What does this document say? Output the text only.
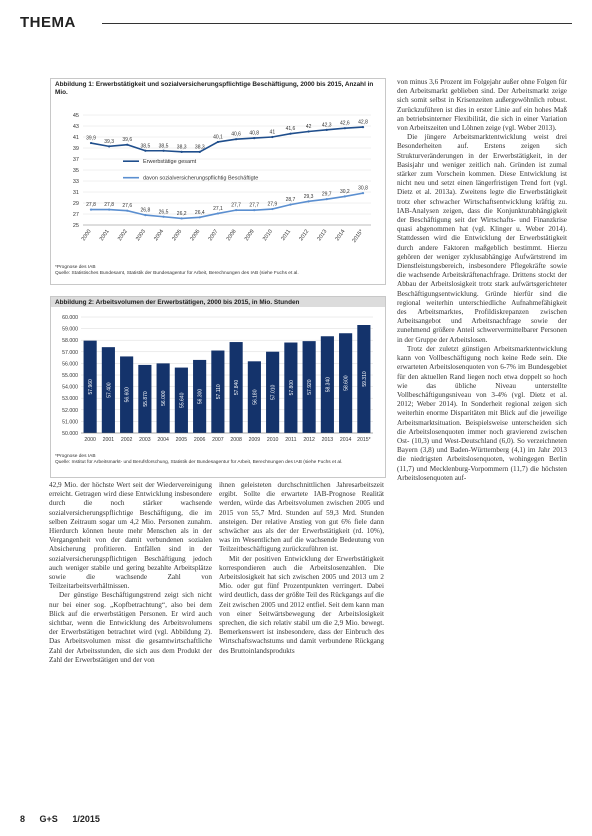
THEMA
Abbildung 1: Erwerbstätigkeit und sozialversicherungspflichtige Beschäftigung, 2000 bis 2015, Anzahl in Mio.
45
43
41
39
37
35
33
31
29
27
25
39,9
39,3 39,6
38,5 38,5 38,3 38,3
40,1 40,6 40,8 41
41,6 42 42,3 42,6 42,8
27,8 27,8 27,6
26,8 26,5 26,2 26,4
27,1
27,7 27,7 27,9
28,7
29,3 29,7 30,2
30,8
Erwerbstätige gesamt
davon sozialversicherungspflichtig Beschäftigte
2000 2001 2002 2003 2004 2005 2006 2007 2008 2009 2010 2011 2012 2013 2014 2015*
*Prognose des IAB
Quelle: Statistisches Bundesamt, Statistik der Bundesagentur für Arbeit, Berechnungen des IAB (siehe Fuchs et al.
Abbildung 2: Arbeitsvolumen der Erwerbstätigen, 2000 bis 2015, in Mio. Stunden
60.000
59.000
58.000
57.000
56.000
55.000
54.000
53.000
52.000
51.000
50.000
57.960
2000
57.400
2001
56.600
2002
55.870
2003
56.000
2004
55.640
2005
56.300
2006
57.110
2007
57.840
2008
56.180
2009
57.010
2010
57.800
2011
57.920
2012
58.340
2013
58.600
2014
59.310
2015*
*Prognose des IAB
Quelle: Institut für Arbeitsmarkt- und Berufsforschung, Statistik der Bundesagentur für Arbeit, Berechnungen des IAB (siehe Fuchs et al.

von minus 3,6 Prozent im Folgejahr außer ohne Folgen für den Arbeitsmarkt geblieben sind. Der Arbeitsmarkt zeige sich somit selbst in Krisenzeiten außergewöhnlich robust. Zurückzuführen ist dies in erster Linie auf ein hohes Maß an betriebsinterner Flexibilität, die sich in einer Variation von Arbeitszeiten und Löhnen zeige (vgl. Weber 2013).

Die jüngere Arbeitsmarktentwicklung weist drei Besonderheiten auf. Erstens zeigen sich Strukturveränderungen in der Erwerbstätigkeit, in der Basisjahr und weniger zeitlich nah. Gründen ist zumal stärker zum Vorschein kommen. Diese Entwicklung ist nicht neu und setzt einen längerfristigen Trend fort (vgl. Dietz et al. 2013a). Zweitens legte die Erwerbstätigkeit trotz eher schwacher Wirtschaftsentwicklung kräftig zu. IAB-Analysen zeigen, dass die Konjunkturabhängigkeit der Beschäftigung seit der Wirtschafts- und Finanzkrise quasi abgenommen hat (vgl. Klinger u. Weber 2014). Stattdessen wird die Entwicklung der Erwerbstätigkeit durch andere Faktoren maßgeblich bestimmt. Hierzu gehören der weniger zyklusabhängige Aufwärtstrend im Dienstleistungsbereich, insbesondere Pflegekräfte sowie die wachsende Arbeitskräftenachfrage. Drittens stockt der Abbau der Arbeitslosigkeit trotz stark aufwärtsgerichteter Beschäftigungsentwicklung. Gründe hierfür sind die regional weiterhin unterschiedliche Aufnahmefähigkeit des Arbeitsmarktes, Profildiskrepanzen zwischen Arbeitsangebot und Arbeitsnachfrage sowie der zunehmend größere Anteil schwervermittelbarer Personen in der Gruppe der Arbeitslosen.

Trotz der zuletzt günstigen Arbeitsmarktentwicklung kann von Vollbeschäftigung noch keine Rede sein. Die erwarteten Arbeitslosenquoten von 6-7% im Bundesgebiet für den aktuellen Rand liegen noch etwa doppelt so hoch wie das übliche Niveau unterstellte Vollbeschäftigungsniveau von 3-4% (vgl. Dietz et al. 2012; Weber 2014). In Sonderheit regional zeigen sich weiterhin enorme Disparitäten mit Blick auf die jeweilige Arbeitsmarktsituation. Beispielsweise unterscheiden sich die Arbeitslosenquoten immer noch gravierend zwischen Ost- (10,3) und West-Deutschland (6,0). So verzeichneten Bayern (3,8) und Baden-Württemberg (4,1) im Jahr 2013 die niedrigsten Arbeitslosenquoten, wohingegen Berlin (11,7) und Mecklenburg-Vorpommern (11,7) die höchsten Arbeitslosenquoten auf-

42,9 Mio. der höchste Wert seit der Wiedervereinigung erreicht. Getragen wird diese Entwicklung insbesondere durch die noch stärker wachsende sozialversicherungspflichtige Beschäftigung, die im selben Zeitraum sogar um 4,2 Mio. Personen zunahm. Hierdurch können heute mehr Menschen als in der Vergangenheit von der damit verbundenen sozialen Absicherung profitieren. Entfällen sind in der sozialversicherungspflichtigen Beschäftigung jedoch auch weniger stabile und gering bezahlte Arbeitsplätze sowie die wachsende Zahl von Teilzeitarbeitsverhältnissen.

Der günstige Beschäftigungstrend zeigt sich nicht nur bei einer sog. „Kopfbetrachtung“, also bei dem Blick auf die erwerbstätigen Personen. Er wird auch sichtbar, wenn die Entwicklung des Arbeitsvolumens der Erwerbstätigen betrachtet wird (vgl. Abbildung 2). Das Arbeitsvolumen misst die gesamtwirtschaftliche Zahl der Arbeitsstunden, die sich aus dem Produkt der Zahl der Erwerbstätigen und der von

ihnen geleisteten durchschnittlichen Jahresarbeitszeit ergibt. Sollte die erwartete IAB-Prognose Realität werden, würde das Arbeitsvolumen zwischen 2005 und 2015 von 55,7 Mrd. Stunden auf 59,3 Mrd. Stunden ansteigen. Der relative Anstieg von gut 6% fiele dann schwächer aus als der der Erwerbstätigkeit (rd. 10%), was im Wesentlichen auf die wachsende Bedeutung von Teilzeitbeschäftigung zurückzuführen ist.

Mit der positiven Entwicklung der Erwerbstätigkeit korrespondieren auch die Arbeitslosenzahlen. Die Arbeitslosigkeit hat sich zwischen 2005 und 2013 um 2 Mio. oder gut fünf Prozentpunkten verringert. Dabei wird deutlich, dass der größte Teil des Rückgangs auf die Zeit zwischen 2005 und 2012 entfiel. Seit dem kann man von einer Seitwärtsbewegung der Arbeitslosigkeit sprechen, die sich relativ stabil um die 2,9 Mio. bewegt. Bemerkenswert ist insbesondere, dass der Einbruch des Wirtschaftswachstums und damit verbundene Rückgang des Bruttoinlandsprodukts

8 G+S 1/2015
